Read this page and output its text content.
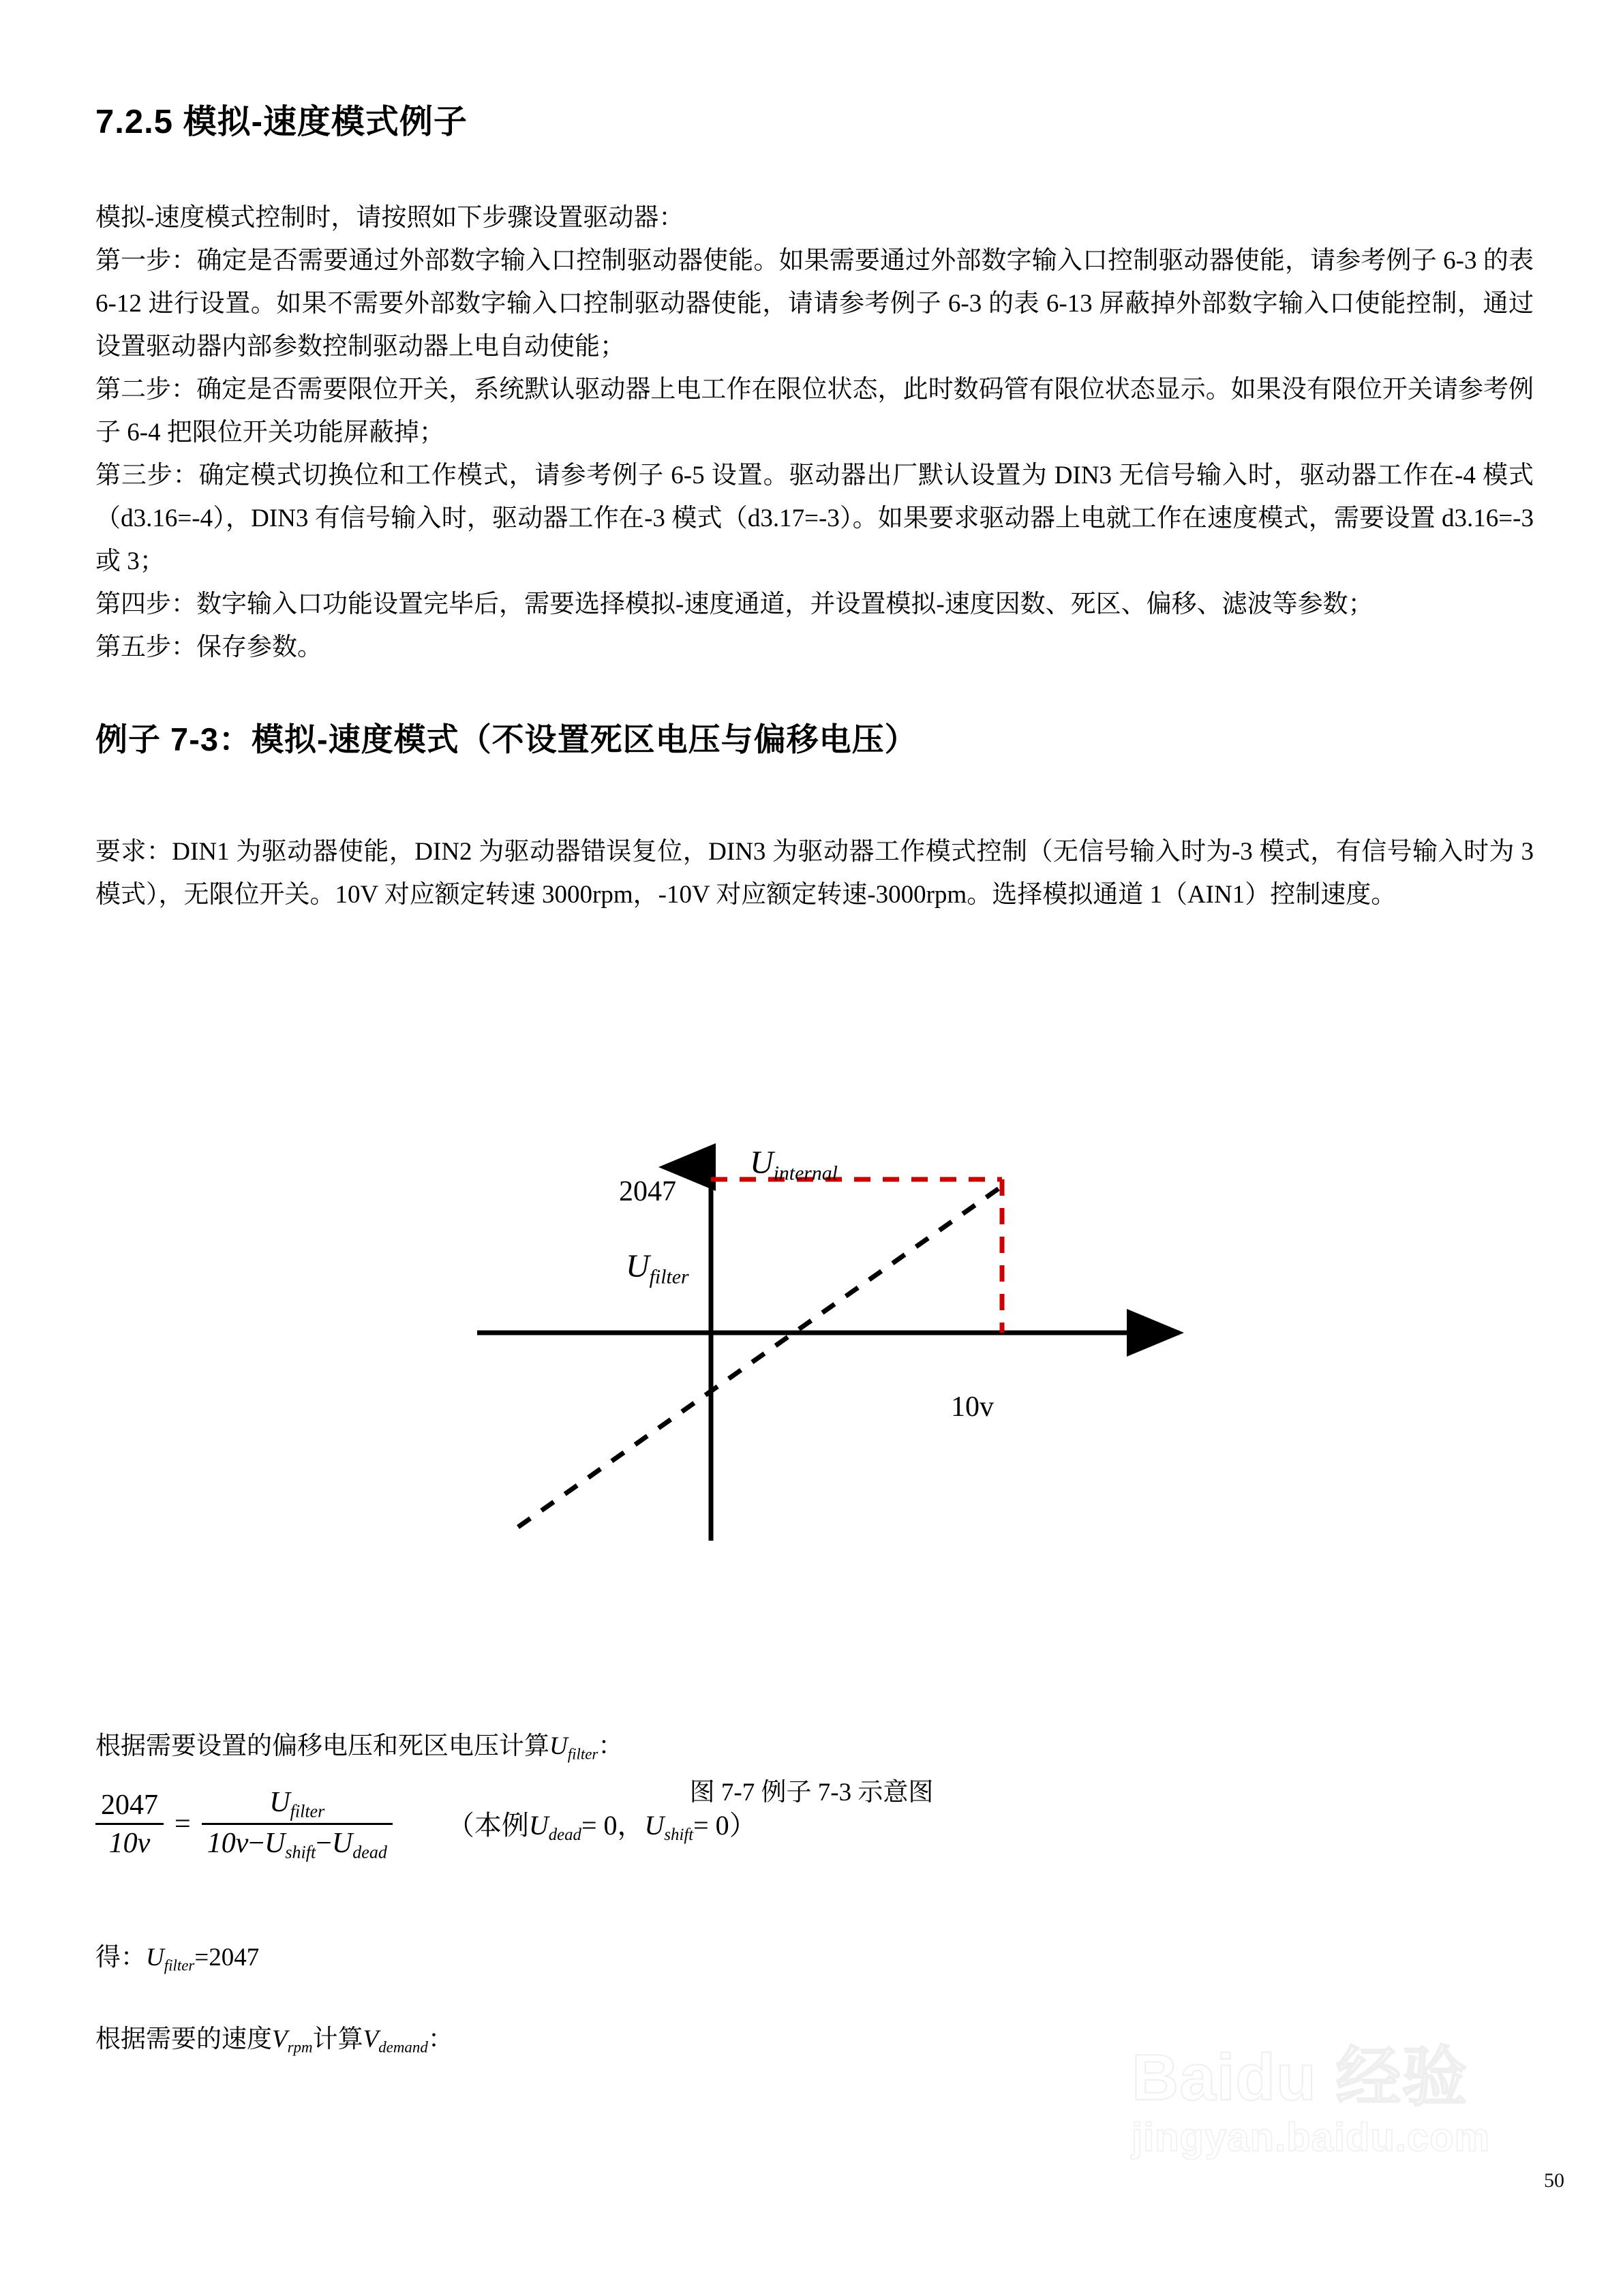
7.2.5 模拟-速度模式例子
模拟-速度模式控制时，请按照如下步骤设置驱动器：
第一步：确定是否需要通过外部数字输入口控制驱动器使能。如果需要通过外部数字输入口控制驱动器使能，请参考例子 6-3 的表 6-12 进行设置。如果不需要外部数字输入口控制驱动器使能，请请参考例子 6-3 的表 6-13 屏蔽掉外部数字输入口使能控制，通过设置驱动器内部参数控制驱动器上电自动使能；
第二步：确定是否需要限位开关，系统默认驱动器上电工作在限位状态，此时数码管有限位状态显示。如果没有限位开关请参考例子 6-4 把限位开关功能屏蔽掉；
第三步：确定模式切换位和工作模式，请参考例子 6-5 设置。驱动器出厂默认设置为 DIN3 无信号输入时，驱动器工作在-4 模式（d3.16=-4），DIN3 有信号输入时，驱动器工作在-3 模式（d3.17=-3）。如果要求驱动器上电就工作在速度模式，需要设置 d3.16=-3 或 3；
第四步：数字输入口功能设置完毕后，需要选择模拟-速度通道，并设置模拟-速度因数、死区、偏移、滤波等参数；
第五步：保存参数。
例子 7-3：模拟-速度模式（不设置死区电压与偏移电压）
要求：DIN1 为驱动器使能，DIN2 为驱动器错误复位，DIN3 为驱动器工作模式控制（无信号输入时为-3 模式，有信号输入时为 3 模式），无限位开关。10V 对应额定转速 3000rpm，-10V 对应额定转速-3000rpm。选择模拟通道 1（AIN1）控制速度。
$U_{internal}$
2047
$U_{filter}$
10v
图 7-7 例子 7-3 示意图
根据需要设置的偏移电压和死区电压计算$U_{filter}$：
$\frac{2047}{10v} = \frac{U_{filter}}{10v-U_{shift}-U_{dead}}$ （本例$U_{dead}= 0$，$U_{shift}= 0$）
得：$U_{filter}=2047$
根据需要的速度$V_{rpm}$计算$V_{demand}$：
Baidu 经验
jingyan.baidu.com
50
